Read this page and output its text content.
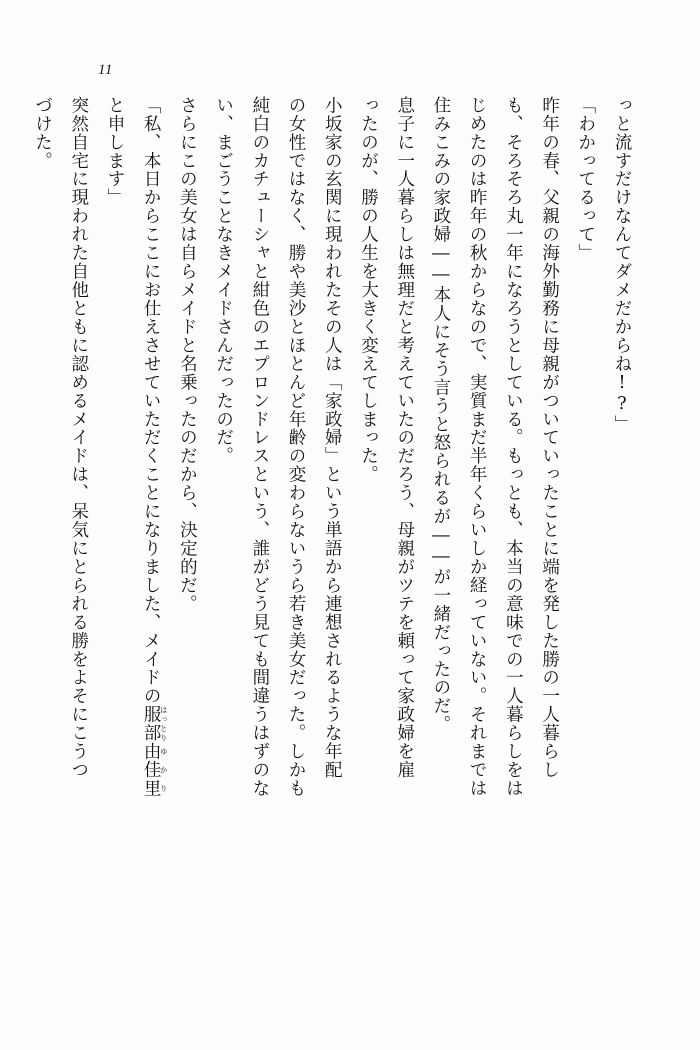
11

っと流すだけなんてダメだからね!?」

「わかってるって」

昨年の春、父親の海外勤務に母親がついていったことに端を発した勝の一人暮らし

も、そろそろ丸一年になろうとしている。もっとも、本当の意味での一人暮らしをは

じめたのは昨年の秋からなので、実質まだ半年くらいしか経っていない。それまでは

住みこみの家政婦――本人にそう言うと怒られるが――が一緒だったのだ。

息子に一人暮らしは無理だと考えていたのだろう、母親がツテを頼って家政婦を雇

ったのが、勝の人生を大きく変えてしまった。

小坂家の玄関に現われたその人は「家政婦」という単語から連想されるような年配

の女性ではなく、勝や美沙とほとんど年齢の変わらないうら若き美女だった。しかも

純白のカチューシャと紺色のエプロンドレスという、誰がどう見ても間違うはずのな

い、まごうことなきメイドさんだったのだ。

さらにこの美女は自らメイドと名乗ったのだから、決定的だ。

「私、本日からここにお仕えさせていただくことになりました、メイドの服部はっとり由佳里ゆかり

と申します」

突然自宅に現われた自他ともに認めるメイドは、呆気にとられる勝をよそにこうつ

づけた。
